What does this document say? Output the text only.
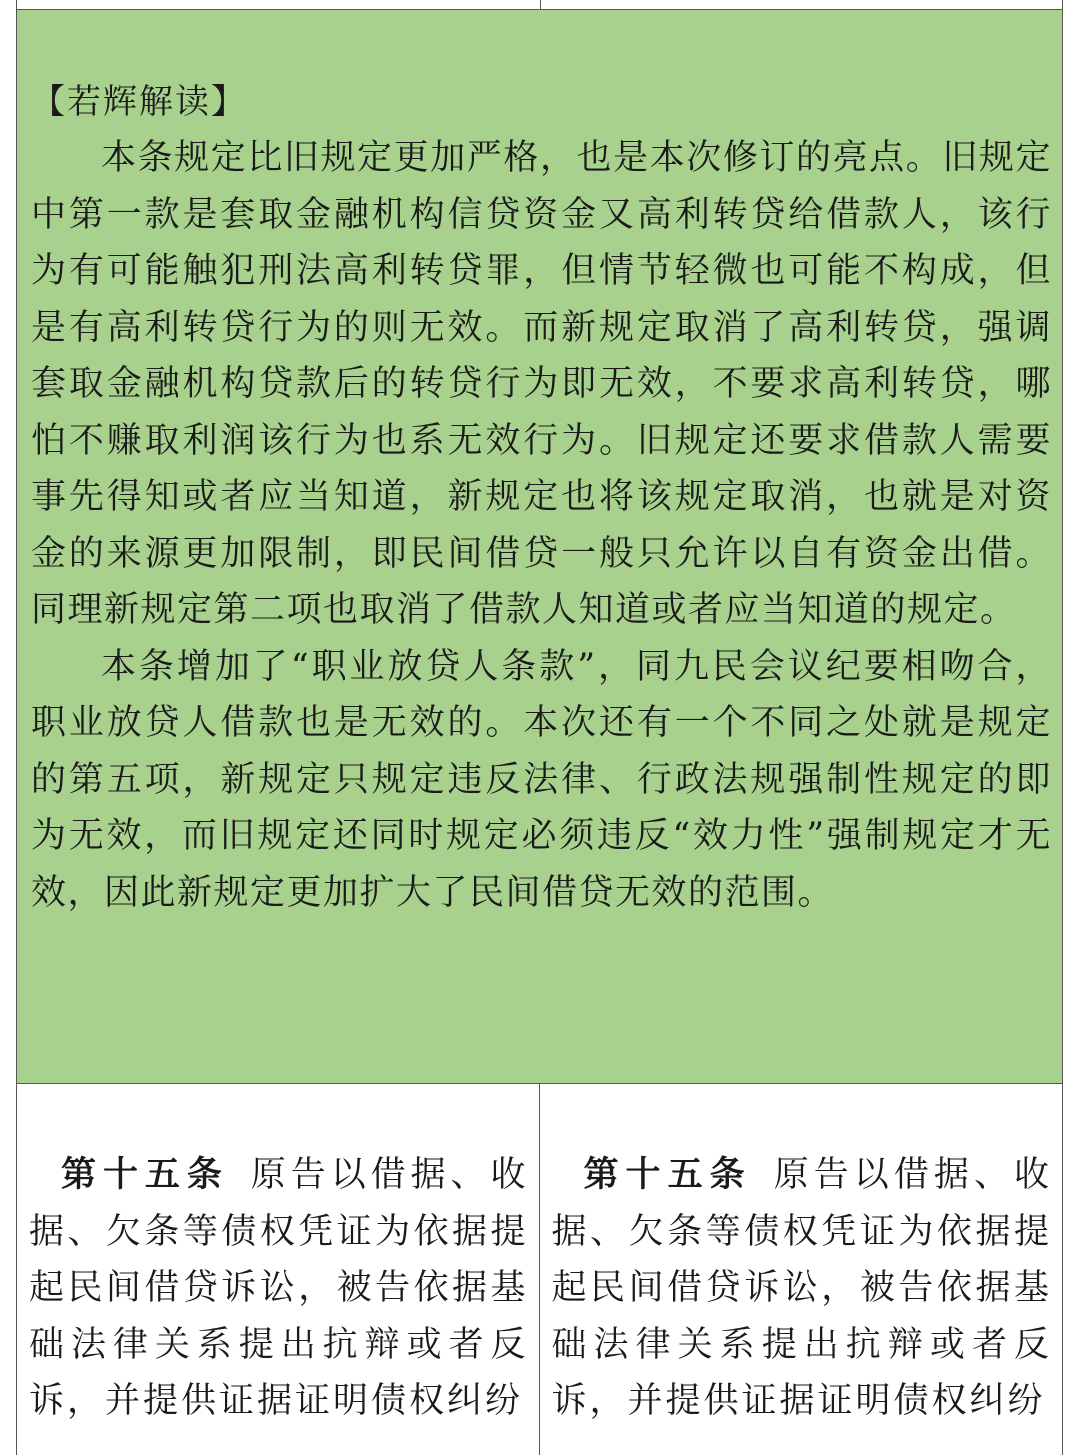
【若辉解读】

本条规定比旧规定更加严格，也是本次修订的亮点。旧规定中第一款是套取金融机构信贷资金又高利转贷给借款人，该行为有可能触犯刑法高利转贷罪，但情节轻微也可能不构成，但是有高利转贷行为的则无效。而新规定取消了高利转贷，强调套取金融机构贷款后的转贷行为即无效，不要求高利转贷，哪怕不赚取利润该行为也系无效行为。旧规定还要求借款人需要事先得知或者应当知道，新规定也将该规定取消，也就是对资金的来源更加限制，即民间借贷一般只允许以自有资金出借。同理新规定第二项也取消了借款人知道或者应当知道的规定。

本条增加了“职业放贷人条款”，同九民会议纪要相吻合，职业放贷人借款也是无效的。本次还有一个不同之处就是规定的第五项，新规定只规定违反法律、行政法规强制性规定的即为无效，而旧规定还同时规定必须违反“效力性”强制规定才无效，因此新规定更加扩大了民间借贷无效的范围。

第十五条 原告以借据、收据、欠条等债权凭证为依据提起民间借贷诉讼，被告依据基础法律关系提出抗辩或者反诉，并提供证据证明债权纠纷

第十五条 原告以借据、收据、欠条等债权凭证为依据提起民间借贷诉讼，被告依据基础法律关系提出抗辩或者反诉，并提供证据证明债权纠纷
